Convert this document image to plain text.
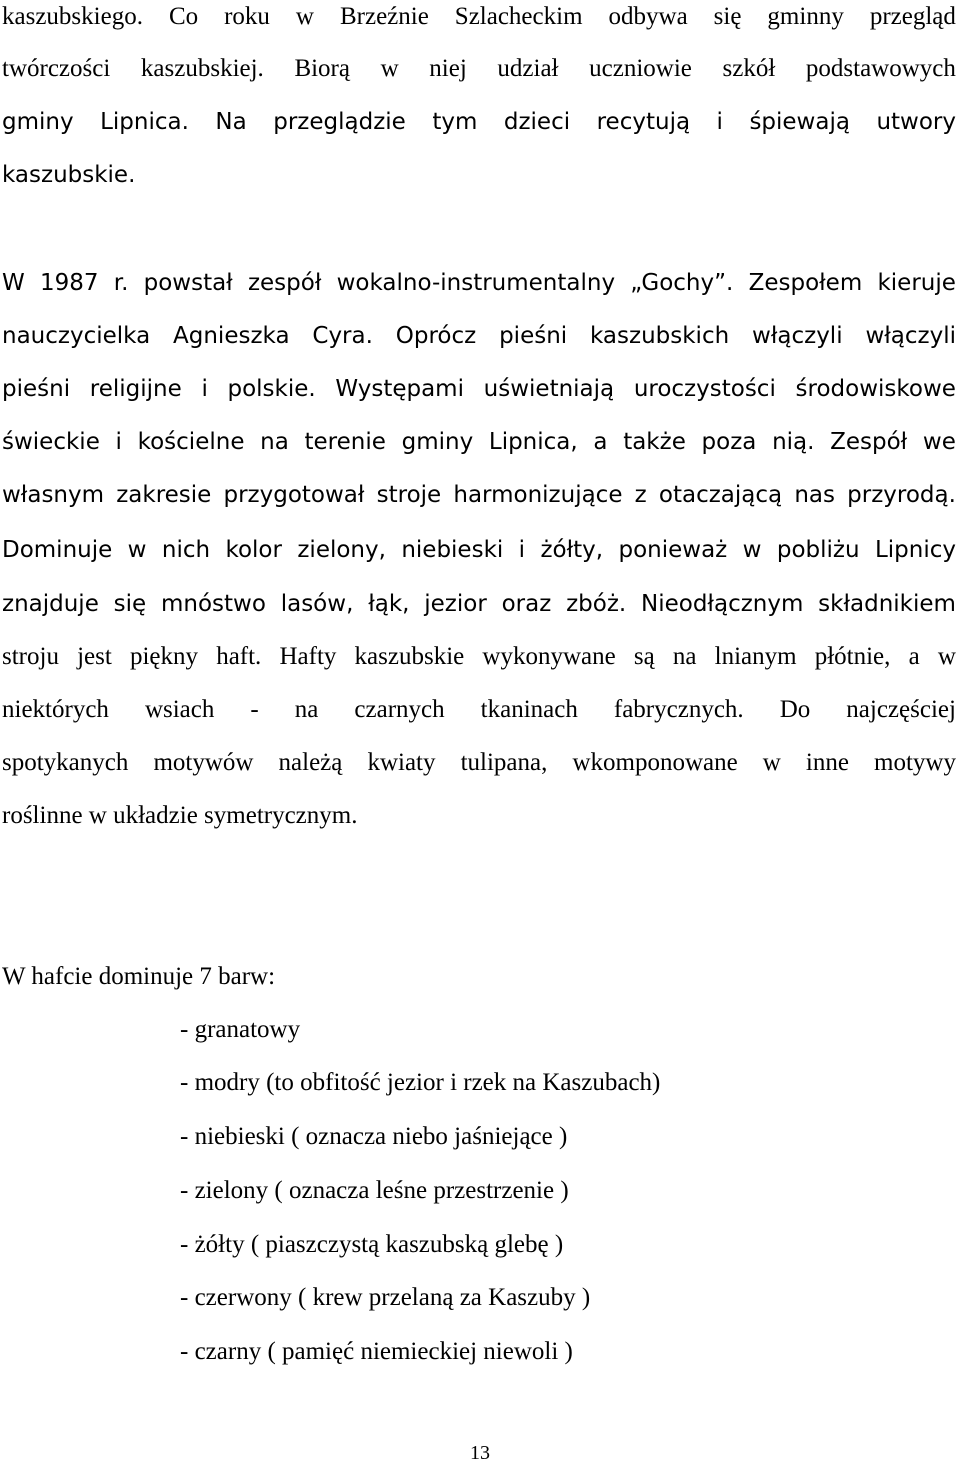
kaszubskiego. Co roku w Brzeźnie Szlacheckim odbywa się gminny przegląd
twórczości kaszubskiej. Biorą w niej udział uczniowie szkół podstawowych
gminy Lipnica. Na przeglądzie tym dzieci recytują i śpiewają utwory
kaszubskie.
W 1987 r. powstał zespół wokalno-instrumentalny „Gochy”. Zespołem kieruje
nauczycielka Agnieszka Cyra. Oprócz pieśni kaszubskich włączyli włączyli
pieśni religijne i polskie. Występami uświetniają uroczystości środowiskowe
świeckie i kościelne na terenie gminy Lipnica, a także poza nią. Zespół we
własnym zakresie przygotował stroje harmonizujące z otaczającą nas przyrodą.
Dominuje w nich kolor zielony, niebieski i żółty, ponieważ w pobliżu Lipnicy
znajduje się mnóstwo lasów, łąk, jezior oraz zbóż. Nieodłącznym składnikiem
stroju jest piękny haft. Hafty kaszubskie wykonywane są na lnianym płótnie, a w
niektórych wsiach - na czarnych tkaninach fabrycznych. Do najczęściej
spotykanych motywów należą kwiaty tulipana, wkomponowane w inne motywy
roślinne w układzie symetrycznym.
W hafcie dominuje 7 barw:
- granatowy
- modry (to obfitość jezior i rzek na Kaszubach)
- niebieski ( oznacza niebo jaśniejące )
- zielony ( oznacza leśne przestrzenie )
- żółty ( piaszczystą kaszubską glebę )
- czerwony ( krew przelaną za Kaszuby )
- czarny ( pamięć niemieckiej niewoli )
13
